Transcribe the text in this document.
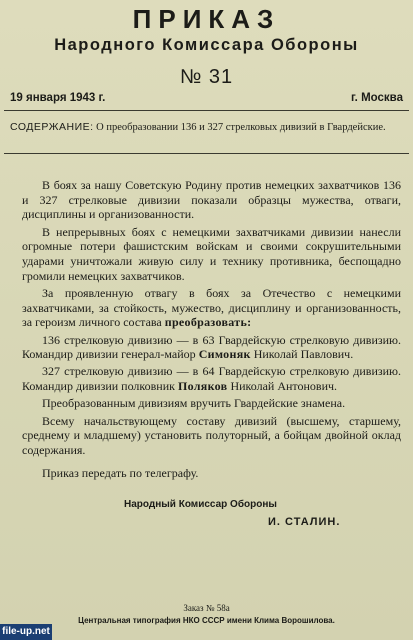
ПРИКАЗ
Народного Комиссара Обороны
№ 31
19 января 1943 г.	г. Москва
СОДЕРЖАНИЕ: О преобразовании 136 и 327 стрелковых дивизий в Гвардейские.

В боях за нашу Советскую Родину против немецких захватчиков 136 и 327 стрелковые дивизии показали образцы мужества, отваги, дисциплины и организованности.

В непрерывных боях с немецкими захватчиками дивизии нанесли огромные потери фашистским войскам и своими сокрушительными ударами уничтожали живую силу и технику противника, беспощадно громили немецких захватчиков.

За проявленную отвагу в боях за Отечество с немецкими захватчиками, за стойкость, мужество, дисциплину и организованность, за героизм личного состава преобразовать:

136 стрелковую дивизию — в 63 Гвардейскую стрелковую дивизию. Командир дивизии генерал-майор Симоняк Николай Павлович.

327 стрелковую дивизию — в 64 Гвардейскую стрелковую дивизию. Командир дивизии полковник Поляков Николай Антонович.

Преобразованным дивизиям вручить Гвардейские знамена.

Всему начальствующему составу дивизий (высшему, старшему, среднему и младшему) установить полуторный, а бойцам двойной оклад содержания.

Приказ передать по телеграфу.

Народный Комиссар Обороны
И. СТАЛИН.
Заказ № 58а
Центральная типография НКО СССР имени Клима Ворошилова.
file-up.net
